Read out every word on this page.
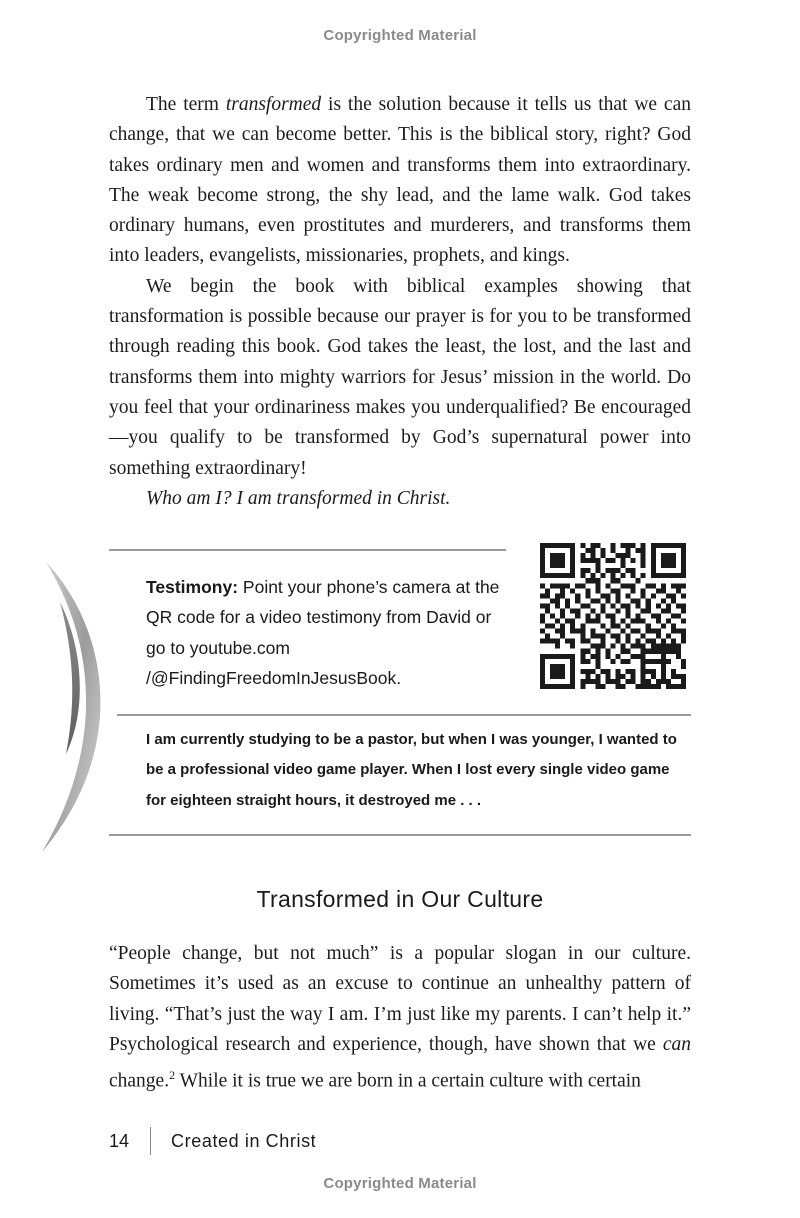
Copyrighted Material

The term transformed is the solution because it tells us that we can change, that we can become better. This is the biblical story, right? God takes ordinary men and women and transforms them into extraordinary. The weak become strong, the shy lead, and the lame walk. God takes ordinary humans, even prostitutes and murderers, and transforms them into leaders, evangelists, missionaries, prophets, and kings.

We begin the book with biblical examples showing that transformation is possible because our prayer is for you to be transformed through reading this book. God takes the least, the lost, and the last and transforms them into mighty warriors for Jesus’ mission in the world. Do you feel that your ordinariness makes you underqualified? Be encouraged—you qualify to be transformed by God’s supernatural power into something extraordinary!

Who am I? I am transformed in Christ.

Testimony: Point your phone’s camera at the QR code for a video testimony from David or go to youtube.com /@FindingFreedomInJesusBook.
I am currently studying to be a pastor, but when I was younger, I wanted to be a professional video game player. When I lost every single video game for eighteen straight hours, it destroyed me . . .
Transformed in Our Culture

“People change, but not much” is a popular slogan in our culture. Sometimes it’s used as an excuse to continue an unhealthy pattern of living. “That’s just the way I am. I’m just like my parents. I can’t help it.” Psychological research and experience, though, have shown that we can change.$^2$ While it is true we are born in a certain culture with certain

14 Created in Christ
Copyrighted Material
